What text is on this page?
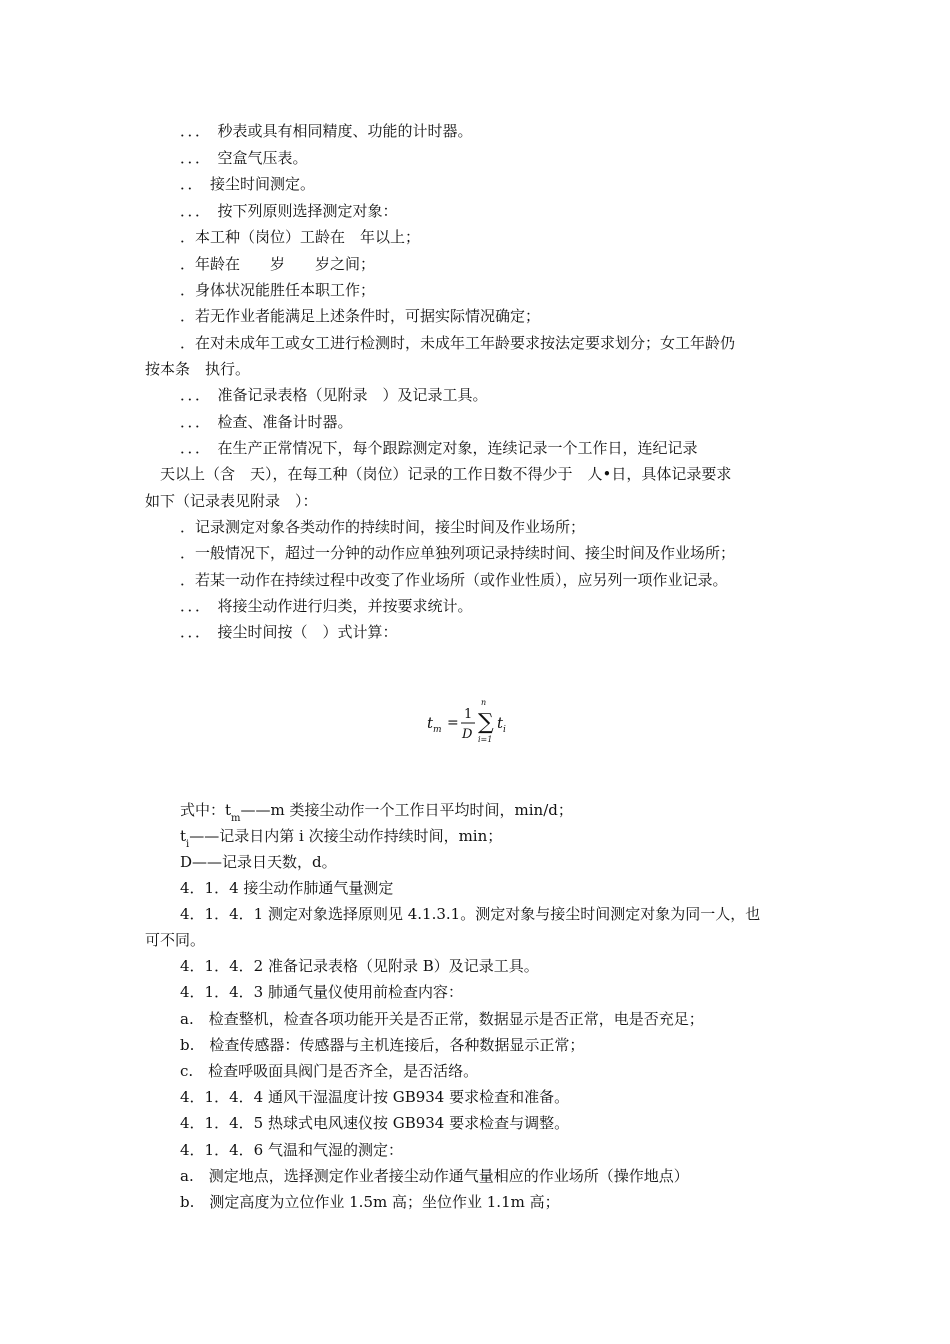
．．．　秒表或具有相同精度、功能的计时器。
．．．　空盒气压表。
．．　接尘时间测定。
．．．　按下列原则选择测定对象：
．本工种（岗位）工龄在　年以上；
．年龄在　　岁　　岁之间；
．身体状况能胜任本职工作；
．若无作业者能满足上述条件时，可据实际情况确定；
．在对未成年工或女工进行检测时，未成年工年龄要求按法定要求划分；女工年龄仍
按本条　执行。
．．．　准备记录表格（见附录　）及记录工具。
．．．　检查、准备计时器。
．．．　在生产正常情况下，每个跟踪测定对象，连续记录一个工作日，连纪记录
　天以上（含　天），在每工种（岗位）记录的工作日数不得少于　人•日，具体记录要求
如下（记录表见附录　）：
．记录测定对象各类动作的持续时间，接尘时间及作业场所；
．一般情况下，超过一分钟的动作应单独列项记录持续时间、接尘时间及作业场所；
．若某一动作在持续过程中改变了作业场所（或作业性质），应另列一项作业记录。
．．．　将接尘动作进行归类，并按要求统计。
．．．　接尘时间按（　）式计算：
t m =
1
D
n
∑
i=1
t i
式中：$t_m——m$ 类接尘动作一个工作日平均时间，min/d；
$t_i——$记录日内第 i 次接尘动作持续时间，min；
D——记录日天数，d。
4．1．4 接尘动作肺通气量测定
4．1．4．1 测定对象选择原则见 4.1.3.1。测定对象与接尘时间测定对象为同一人，也
可不同。
4．1．4．2 准备记录表格（见附录 B）及记录工具。
4．1．4．3 肺通气量仪使用前检查内容：
a.　检查整机，检查各项功能开关是否正常，数据显示是否正常，电是否充足；
b.　检查传感器：传感器与主机连接后，各种数据显示正常；
c.　检查呼吸面具阀门是否齐全，是否活络。
4．1．4．4 通风干湿温度计按 GB934 要求检查和准备。
4．1．4．5 热球式电风速仪按 GB934 要求检查与调整。
4．1．4．6 气温和气湿的测定：
a.　测定地点，选择测定作业者接尘动作通气量相应的作业场所（操作地点）
b.　测定高度为立位作业 1.5m 高；坐位作业 1.1m 高；
